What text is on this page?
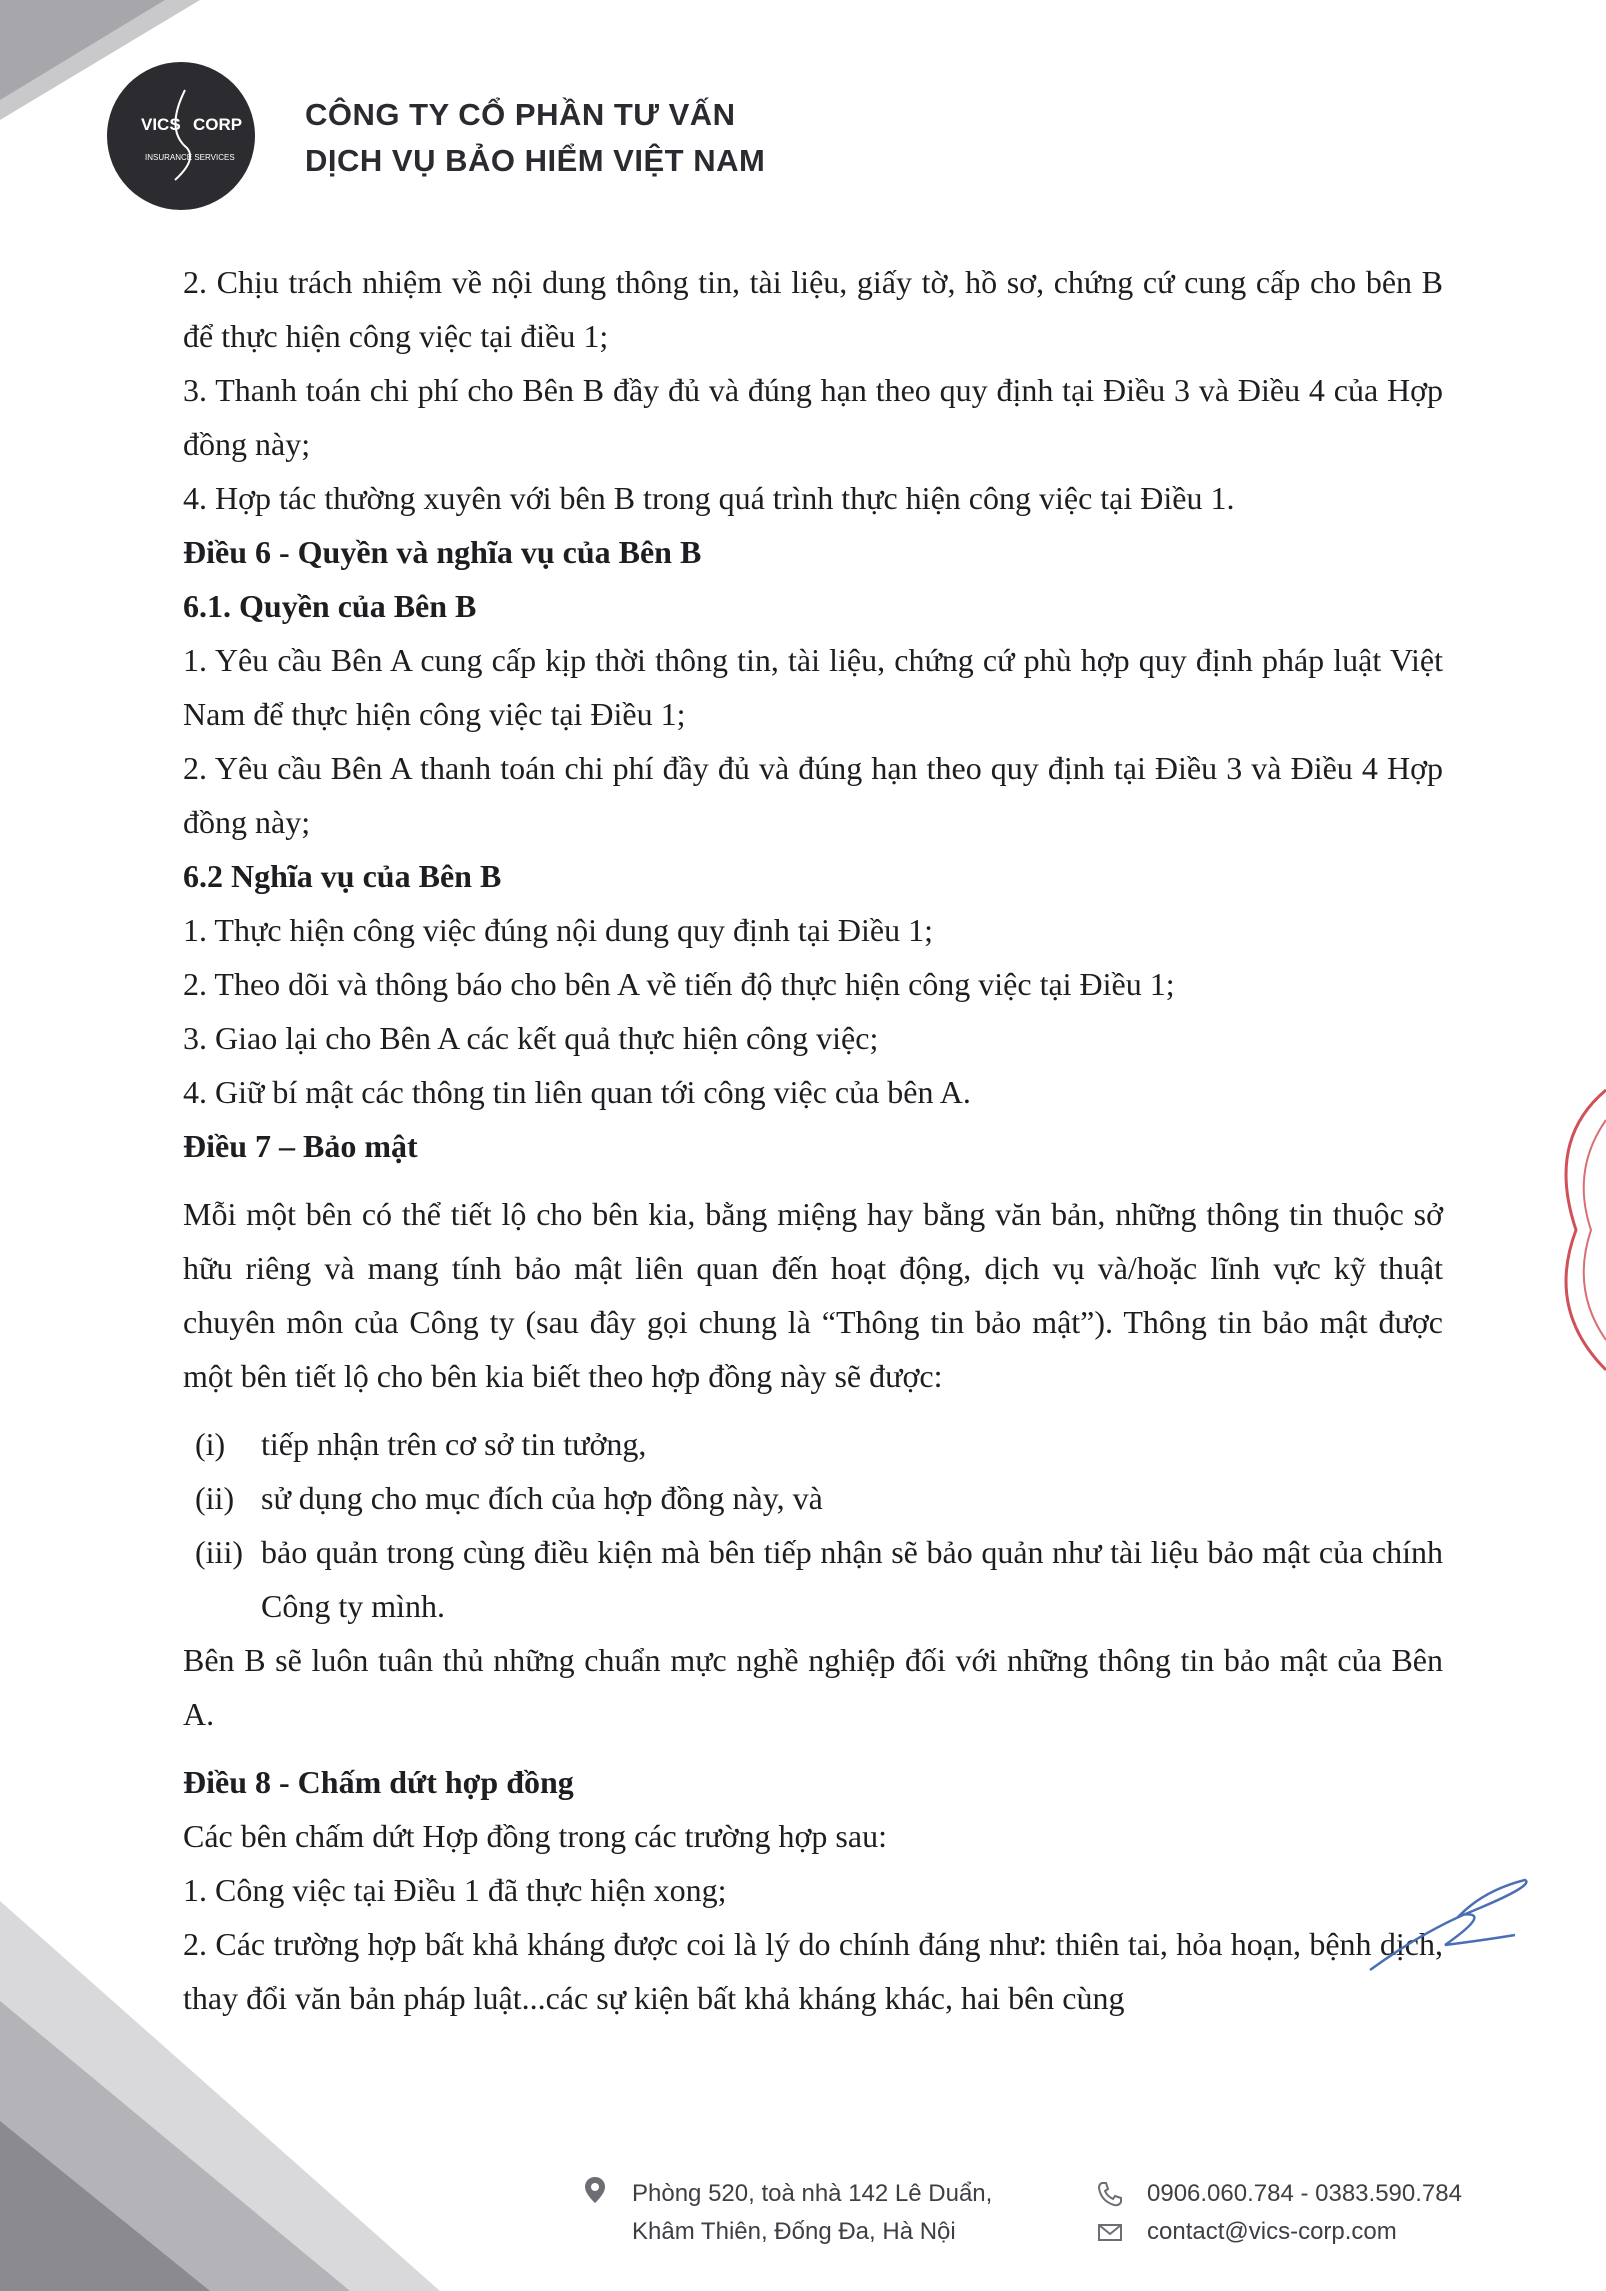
VICS CORP
INSURANCE SERVICES
CÔNG TY CỔ PHẦN TƯ VẤN
DỊCH VỤ BẢO HIỂM VIỆT NAM

2. Chịu trách nhiệm về nội dung thông tin, tài liệu, giấy tờ, hồ sơ, chứng cứ cung cấp cho bên B để thực hiện công việc tại điều 1;

3. Thanh toán chi phí cho Bên B đầy đủ và đúng hạn theo quy định tại Điều 3 và Điều 4 của Hợp đồng này;

4. Hợp tác thường xuyên với bên B trong quá trình thực hiện công việc tại Điều 1.

Điều 6 - Quyền và nghĩa vụ của Bên B

6.1. Quyền của Bên B

1. Yêu cầu Bên A cung cấp kịp thời thông tin, tài liệu, chứng cứ phù hợp quy định pháp luật Việt Nam để thực hiện công việc tại Điều 1;

2. Yêu cầu Bên A thanh toán chi phí đầy đủ và đúng hạn theo quy định tại Điều 3 và Điều 4 Hợp đồng này;

6.2 Nghĩa vụ của Bên B

1. Thực hiện công việc đúng nội dung quy định tại Điều 1;

2. Theo dõi và thông báo cho bên A về tiến độ thực hiện công việc tại Điều 1;

3. Giao lại cho Bên A các kết quả thực hiện công việc;

4. Giữ bí mật các thông tin liên quan tới công việc của bên A.

Điều 7 – Bảo mật

Mỗi một bên có thể tiết lộ cho bên kia, bằng miệng hay bằng văn bản, những thông tin thuộc sở hữu riêng và mang tính bảo mật liên quan đến hoạt động, dịch vụ và/hoặc lĩnh vực kỹ thuật chuyên môn của Công ty (sau đây gọi chung là “Thông tin bảo mật”). Thông tin bảo mật được một bên tiết lộ cho bên kia biết theo hợp đồng này sẽ được:

(i)	tiếp nhận trên cơ sở tin tưởng,
(ii) sử dụng cho mục đích của hợp đồng này, và
(iii) bảo quản trong cùng điều kiện mà bên tiếp nhận sẽ bảo quản như tài liệu bảo mật của chính Công ty mình.

Bên B sẽ luôn tuân thủ những chuẩn mực nghề nghiệp đối với những thông tin bảo mật của Bên A.

Điều 8 - Chấm dứt hợp đồng

Các bên chấm dứt Hợp đồng trong các trường hợp sau:

1. Công việc tại Điều 1 đã thực hiện xong;

2. Các trường hợp bất khả kháng được coi là lý do chính đáng như: thiên tai, hỏa hoạn, bệnh dịch, thay đổi văn bản pháp luật...các sự kiện bất khả kháng khác, hai bên cùng

Phòng 520, toà nhà 142 Lê Duẩn,
Khâm Thiên, Đống Đa, Hà Nội
0906.060.784 - 0383.590.784
contact@vics-corp.com
